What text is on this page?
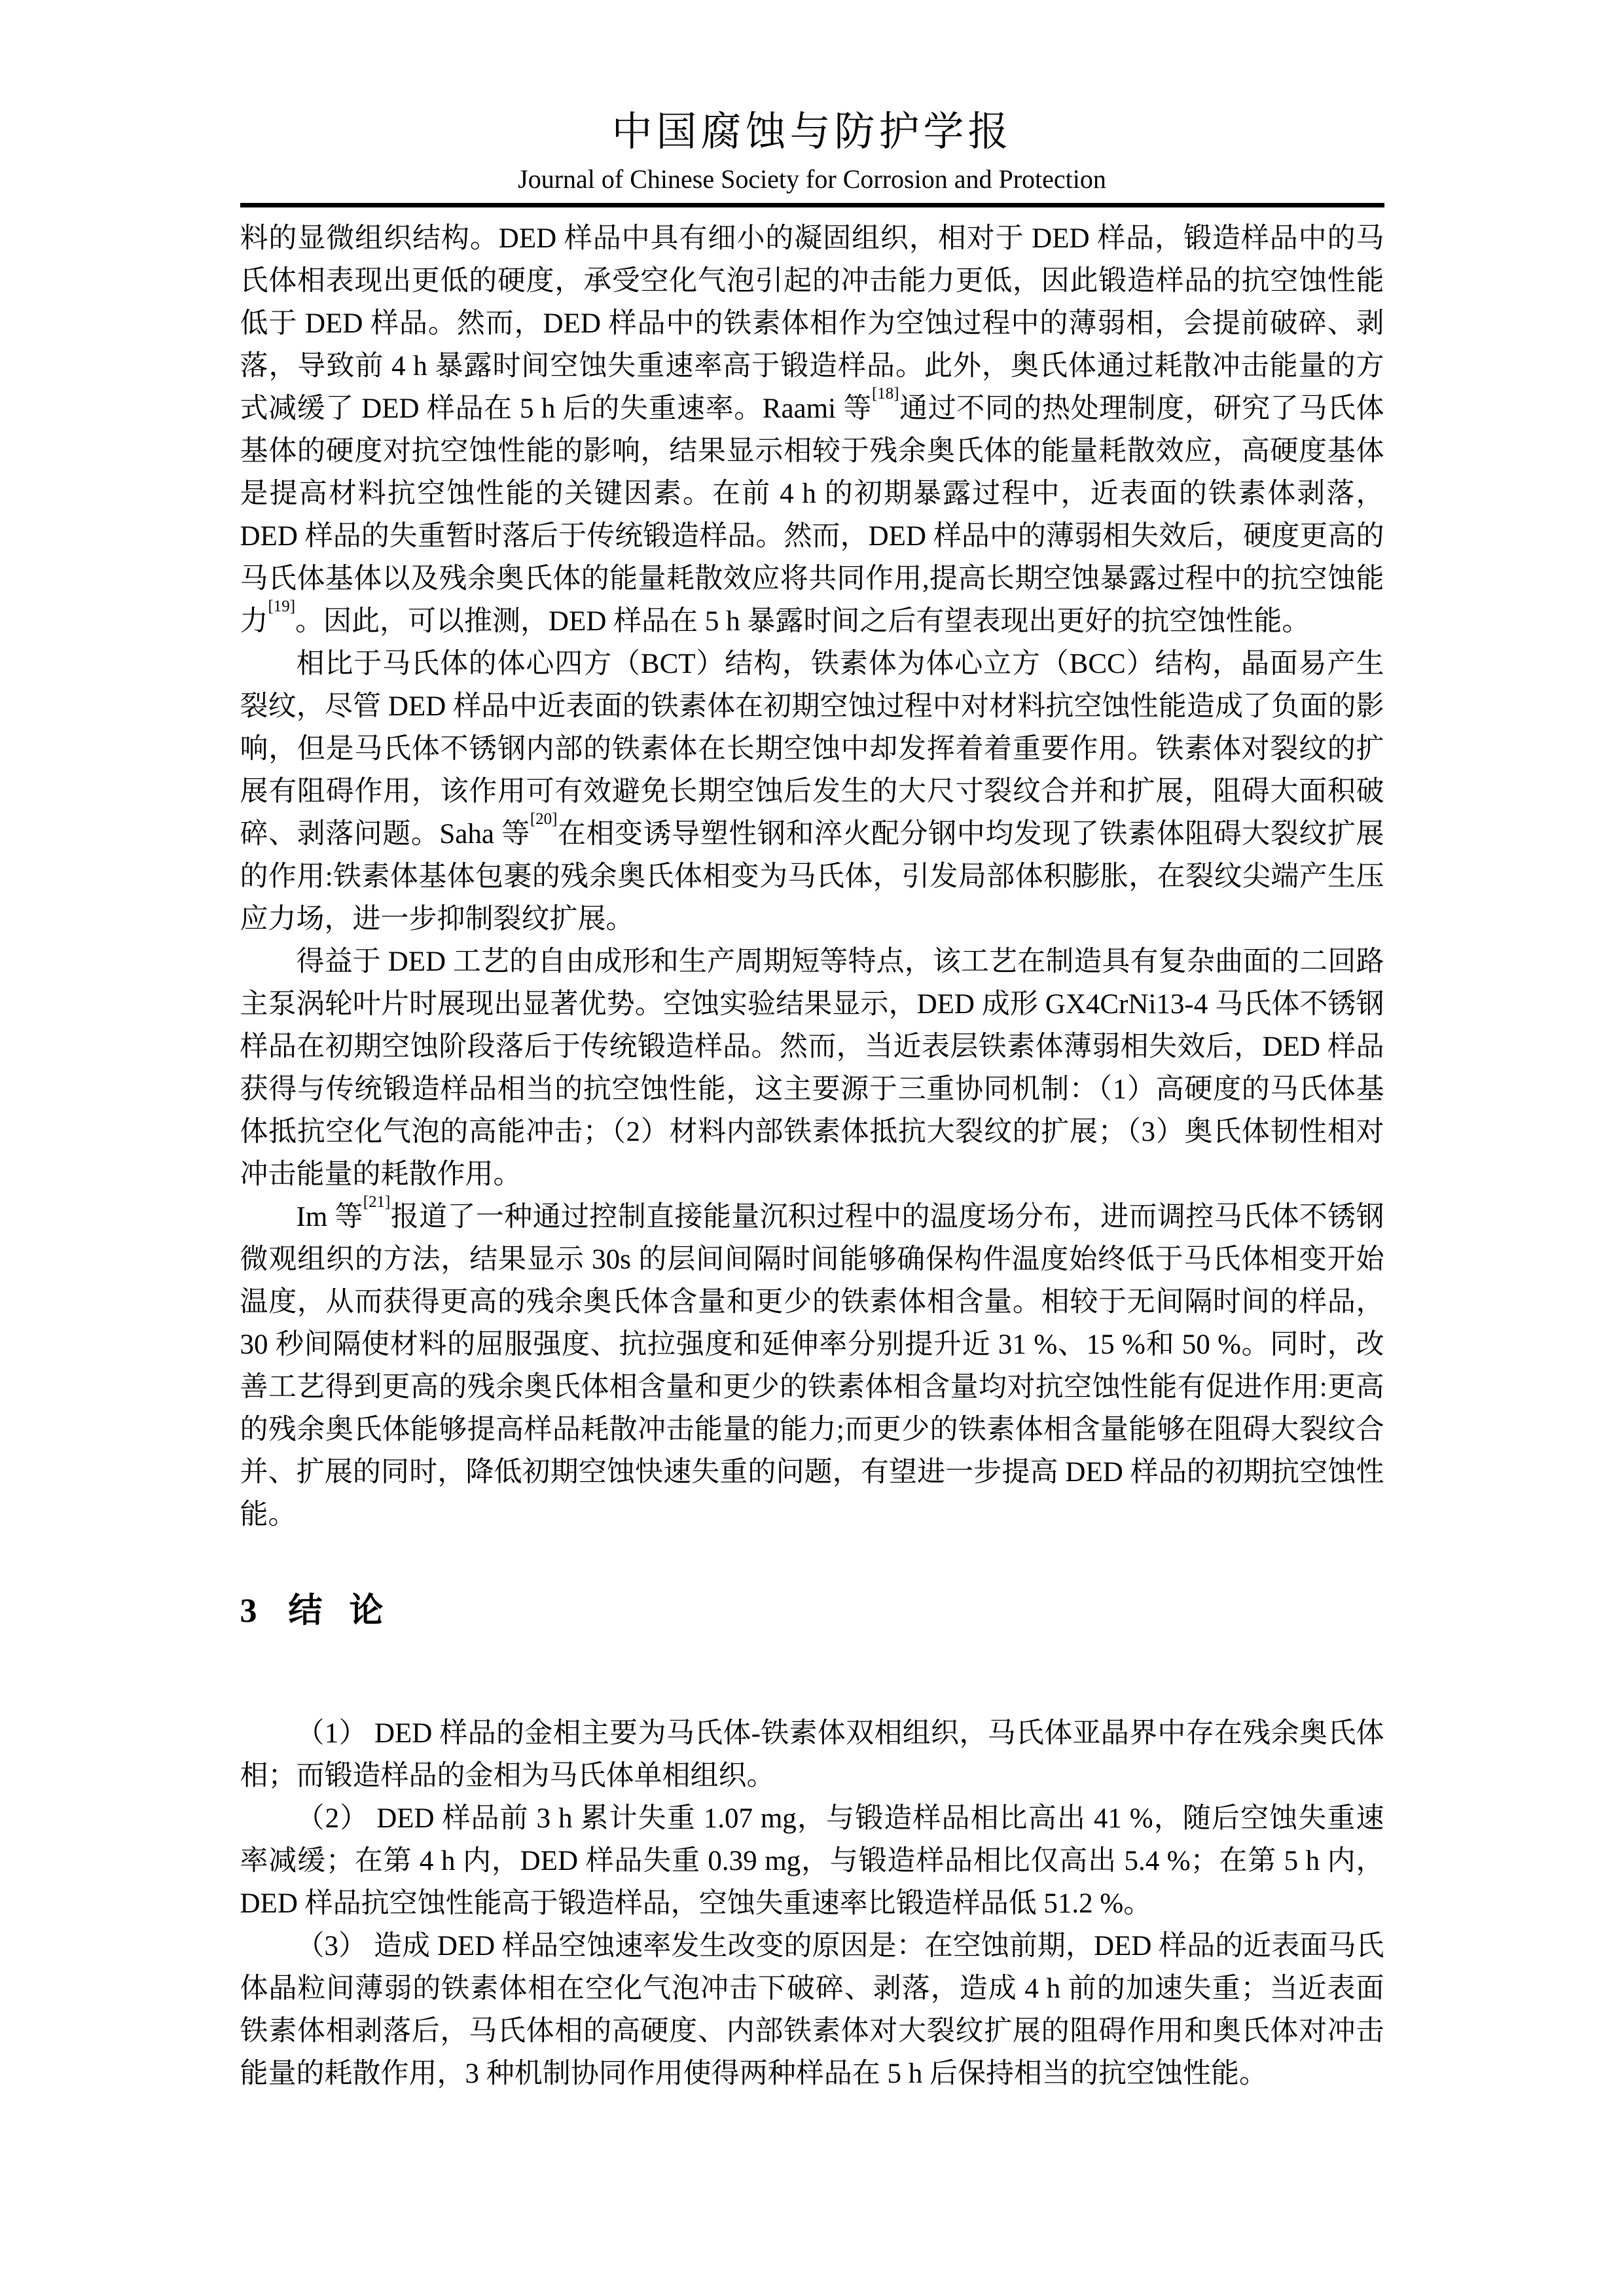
中国腐蚀与防护学报
Journal of Chinese Society for Corrosion and Protection

料的显微组织结构。DED 样品中具有细小的凝固组织，相对于 DED 样品，锻造样品中的马氏体相表现出更低的硬度，承受空化气泡引起的冲击能力更低，因此锻造样品的抗空蚀性能低于 DED 样品。然而，DED 样品中的铁素体相作为空蚀过程中的薄弱相，会提前破碎、剥落，导致前 4 h 暴露时间空蚀失重速率高于锻造样品。此外，奥氏体通过耗散冲击能量的方式减缓了 DED 样品在 5 h 后的失重速率。Raami 等[18]通过不同的热处理制度，研究了马氏体基体的硬度对抗空蚀性能的影响，结果显示相较于残余奥氏体的能量耗散效应，高硬度基体是提高材料抗空蚀性能的关键因素。在前 4 h 的初期暴露过程中，近表面的铁素体剥落，DED 样品的失重暂时落后于传统锻造样品。然而，DED 样品中的薄弱相失效后，硬度更高的马氏体基体以及残余奥氏体的能量耗散效应将共同作用,提高长期空蚀暴露过程中的抗空蚀能力[19]。因此，可以推测，DED 样品在 5 h 暴露时间之后有望表现出更好的抗空蚀性能。

相比于马氏体的体心四方（BCT）结构，铁素体为体心立方（BCC）结构，晶面易产生裂纹，尽管 DED 样品中近表面的铁素体在初期空蚀过程中对材料抗空蚀性能造成了负面的影响，但是马氏体不锈钢内部的铁素体在长期空蚀中却发挥着着重要作用。铁素体对裂纹的扩展有阻碍作用，该作用可有效避免长期空蚀后发生的大尺寸裂纹合并和扩展，阻碍大面积破碎、剥落问题。Saha 等[20]在相变诱导塑性钢和淬火配分钢中均发现了铁素体阻碍大裂纹扩展的作用:铁素体基体包裹的残余奥氏体相变为马氏体，引发局部体积膨胀，在裂纹尖端产生压应力场，进一步抑制裂纹扩展。

得益于 DED 工艺的自由成形和生产周期短等特点，该工艺在制造具有复杂曲面的二回路主泵涡轮叶片时展现出显著优势。空蚀实验结果显示，DED 成形 GX4CrNi13-4 马氏体不锈钢样品在初期空蚀阶段落后于传统锻造样品。然而，当近表层铁素体薄弱相失效后，DED 样品获得与传统锻造样品相当的抗空蚀性能，这主要源于三重协同机制：（1）高硬度的马氏体基体抵抗空化气泡的高能冲击；（2）材料内部铁素体抵抗大裂纹的扩展；（3）奥氏体韧性相对冲击能量的耗散作用。

Im 等[21]报道了一种通过控制直接能量沉积过程中的温度场分布，进而调控马氏体不锈钢微观组织的方法，结果显示 30s 的层间间隔时间能够确保构件温度始终低于马氏体相变开始温度，从而获得更高的残余奥氏体含量和更少的铁素体相含量。相较于无间隔时间的样品，30 秒间隔使材料的屈服强度、抗拉强度和延伸率分别提升近 31 %、15 %和 50 %。同时，改善工艺得到更高的残余奥氏体相含量和更少的铁素体相含量均对抗空蚀性能有促进作用:更高的残余奥氏体能够提高样品耗散冲击能量的能力;而更少的铁素体相含量能够在阻碍大裂纹合并、扩展的同时，降低初期空蚀快速失重的问题，有望进一步提高 DED 样品的初期抗空蚀性能。

3 结 论

（1） DED 样品的金相主要为马氏体-铁素体双相组织，马氏体亚晶界中存在残余奥氏体相；而锻造样品的金相为马氏体单相组织。

（2） DED 样品前 3 h 累计失重 1.07 mg，与锻造样品相比高出 41 %，随后空蚀失重速率减缓；在第 4 h 内，DED 样品失重 0.39 mg，与锻造样品相比仅高出 5.4 %；在第 5 h 内，DED 样品抗空蚀性能高于锻造样品，空蚀失重速率比锻造样品低 51.2 %。

（3） 造成 DED 样品空蚀速率发生改变的原因是：在空蚀前期，DED 样品的近表面马氏体晶粒间薄弱的铁素体相在空化气泡冲击下破碎、剥落，造成 4 h 前的加速失重；当近表面铁素体相剥落后，马氏体相的高硬度、内部铁素体对大裂纹扩展的阻碍作用和奥氏体对冲击能量的耗散作用，3 种机制协同作用使得两种样品在 5 h 后保持相当的抗空蚀性能。
